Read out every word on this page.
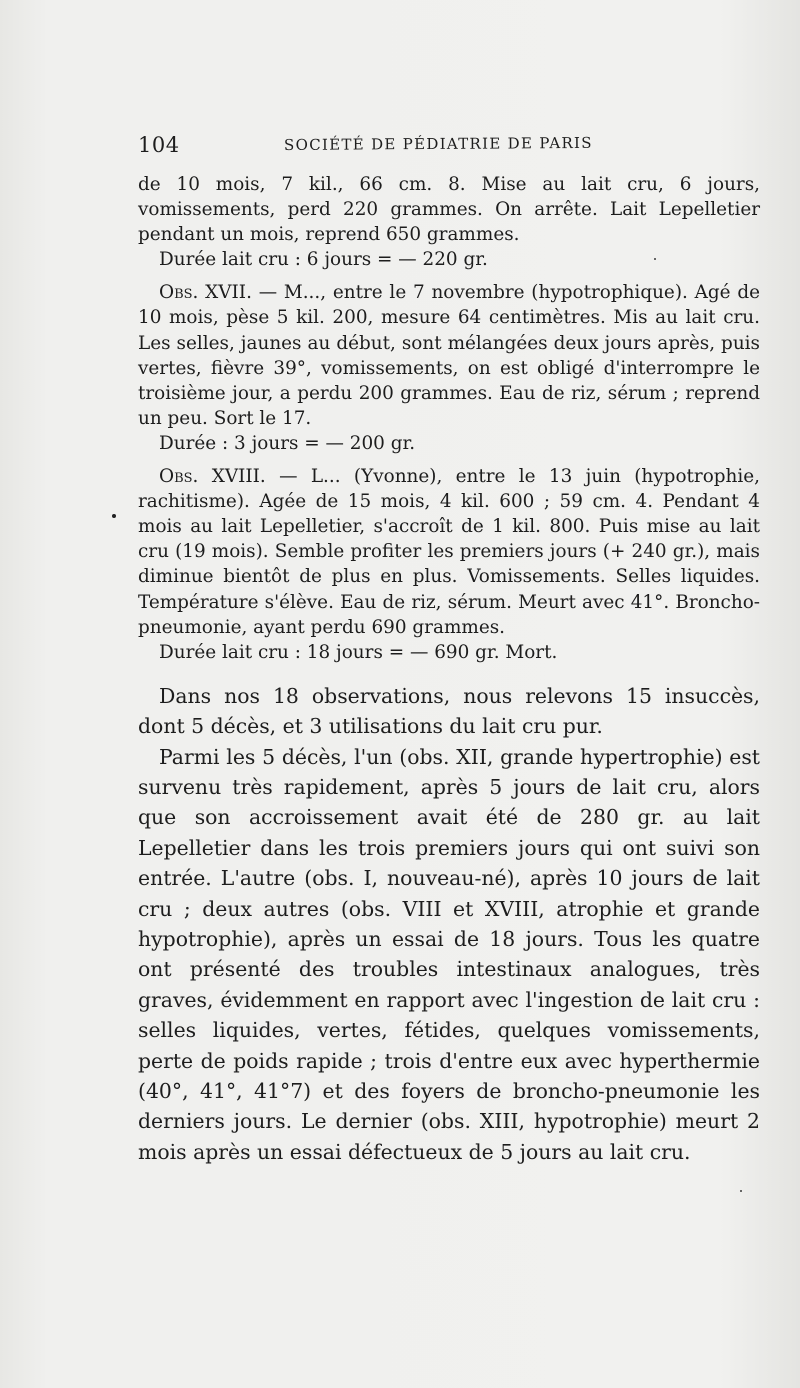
104	SOCIÉTÉ DE PÉDIATRIE DE PARIS

de 10 mois, 7 kil., 66 cm. 8. Mise au lait cru, 6 jours, vomissements, perd 220 grammes. On arrête. Lait Lepelletier pendant un mois, reprend 650 grammes.

Durée lait cru : 6 jours = — 220 gr.

Obs. XVII. — M..., entre le 7 novembre (hypotrophique). Agé de 10 mois, pèse 5 kil. 200, mesure 64 centimètres. Mis au lait cru. Les selles, jaunes au début, sont mélangées deux jours après, puis vertes, fièvre 39°, vomissements, on est obligé d'interrompre le troisième jour, a perdu 200 grammes. Eau de riz, sérum ; reprend un peu. Sort le 17.

Durée : 3 jours = — 200 gr.

Obs. XVIII. — L... (Yvonne), entre le 13 juin (hypotrophie, rachitisme). Agée de 15 mois, 4 kil. 600 ; 59 cm. 4. Pendant 4 mois au lait Lepelletier, s'accroît de 1 kil. 800. Puis mise au lait cru (19 mois). Semble profiter les premiers jours (+ 240 gr.), mais diminue bientôt de plus en plus. Vomissements. Selles liquides. Température s'élève. Eau de riz, sérum. Meurt avec 41°. Broncho-pneumonie, ayant perdu 690 grammes.

Durée lait cru : 18 jours = — 690 gr. Mort.

Dans nos 18 observations, nous relevons 15 insuccès, dont 5 décès, et 3 utilisations du lait cru pur.

Parmi les 5 décès, l'un (obs. XII, grande hypertrophie) est survenu très rapidement, après 5 jours de lait cru, alors que son accroissement avait été de 280 gr. au lait Lepelletier dans les trois premiers jours qui ont suivi son entrée. L'autre (obs. I, nouveau-né), après 10 jours de lait cru ; deux autres (obs. VIII et XVIII, atrophie et grande hypotrophie), après un essai de 18 jours. Tous les quatre ont présenté des troubles intestinaux analogues, très graves, évidemment en rapport avec l'ingestion de lait cru : selles liquides, vertes, fétides, quelques vomissements, perte de poids rapide ; trois d'entre eux avec hyperthermie (40°, 41°, 41°7) et des foyers de broncho-pneumonie les derniers jours. Le dernier (obs. XIII, hypotrophie) meurt 2 mois après un essai défectueux de 5 jours au lait cru.
